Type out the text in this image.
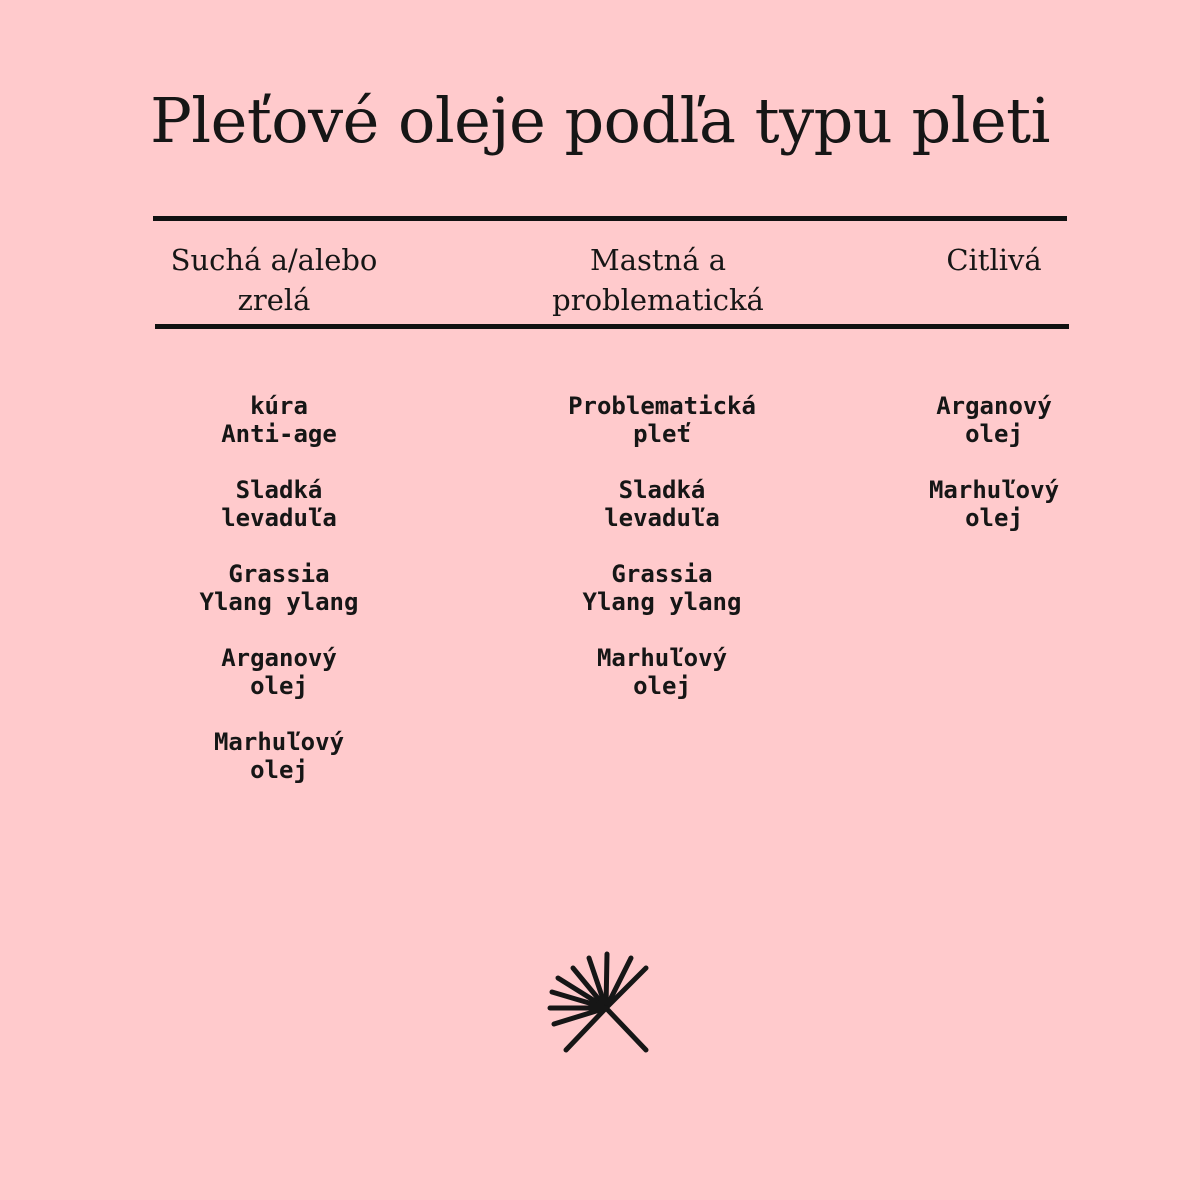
Pleťové oleje podľa typu pleti
Suchá a/alebo
zrelá
Mastná a
problematická
Citlivá
kúra
Anti-age
Sladká
levaduľa
Grassia
Ylang ylang
Arganový
olej
Marhuľový
olej
Problematická
pleť
Sladká
levaduľa
Grassia
Ylang ylang
Marhuľový
olej
Arganový
olej
Marhuľový
olej
